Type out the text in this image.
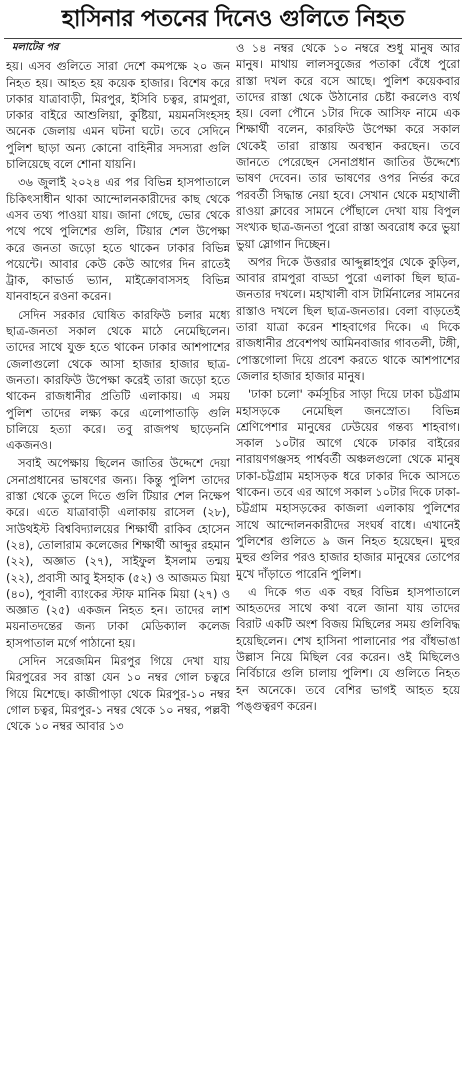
হাসিনার পতনের দিনেও গুলিতে নিহত
মলাটের পর

হয়। এসব গুলিতে সারা দেশে কমপক্ষে ২০ জন নিহত হয়। আহত হয় কয়েক হাজার। বিশেষ করে ঢাকার যাত্রাবাড়ী, মিরপুর, ইসিবি চত্বর, রামপুরা, ঢাকার বাইরে আশুলিয়া, কুষ্টিয়া, ময়মনসিংহসহ অনেক জেলায় এমন ঘটনা ঘটে। তবে সেদিনে পুলিশ ছাড়া অন্য কোনো বাহিনীর সদস্যরা গুলি চালিয়েছে বলে শোনা যায়নি।

৩৬ জুলাই ২০২৪ এর পর বিভিন্ন হাসপাতালে চিকিৎসাধীন থাকা আন্দোলনকারীদের কাছ থেকে এসব তথ্য পাওয়া যায়। জানা গেছে, ভোর থেকে পথে পথে পুলিশের গুলি, টিয়ার শেল উপেক্ষা করে জনতা জড়ো হতে থাকেন ঢাকার বিভিন্ন পয়েন্টে। আবার কেউ কেউ আগের দিন রাতেই ট্রাক, কাভার্ড ভ্যান, মাইক্রোবাসসহ বিভিন্ন যানবাহনে রওনা করেন।

সেদিন সরকার ঘোষিত কারফিউ চলার মধ্যে ছাত্র-জনতা সকাল থেকে মাঠে নেমেছিলেন। তাদের সাথে যুক্ত হতে থাকেন ঢাকার আশপাশের জেলাগুলো থেকে আসা হাজার হাজার ছাত্র-জনতা। কারফিউ উপেক্ষা করেই তারা জড়ো হতে থাকেন রাজধানীর প্রতিটি এলাকায়। এ সময় পুলিশ তাদের লক্ষ্য করে এলোপাতাড়ি গুলি চালিয়ে হত্যা করে। তবু রাজপথ ছাড়েননি একজনও।

সবাই অপেক্ষায় ছিলেন জাতির উদ্দেশে দেয়া সেনাপ্রধানের ভাষণের জন্য। কিন্তু পুলিশ তাদের রাস্তা থেকে তুলে দিতে গুলি টিয়ার শেল নিক্ষেপ করে। এতে যাত্রাবাড়ী এলাকায় রাসেল (২৮), সাউথইস্ট বিশ্ববিদ্যালয়ের শিক্ষার্থী রাকিব হোসেন (২৪), তোলারাম কলেজের শিক্ষার্থী আব্দুর রহমান (২২), অজ্ঞাত (২৭), সাইফুল ইসলাম তন্ময় (২২), প্রবাসী আবু ইসহাক (৫২) ও আজমত মিয়া (৪০), পূবালী ব্যাংকের স্টাফ মানিক মিয়া (২৭) ও অজ্ঞাত (২৫) একজন নিহত হন। তাদের লাশ ময়নাতদন্তের জন্য ঢাকা মেডিক্যাল কলেজ হাসপাতাল মর্গে পাঠানো হয়।

সেদিন সরেজমিন মিরপুর গিয়ে দেখা যায় মিরপুরের সব রাস্তা যেন ১০ নম্বর গোল চত্বরে গিয়ে মিশেছে। কাজীপাড়া থেকে মিরপুর-১০ নম্বর গোল চত্বর, মিরপুর-১ নম্বর থেকে ১০ নম্বর, পল্লবী থেকে ১০ নম্বর আবার ১৩

ও ১৪ নম্বর থেকে ১০ নম্বরে শুধু মানুষ আর মানুষ। মাথায় লালসবুজের পতাকা বেঁধে পুরো রাস্তা দখল করে বসে আছে। পুলিশ কয়েকবার তাদের রাস্তা থেকে উঠানোর চেষ্টা করলেও ব্যর্থ হয়। বেলা পৌনে ১টার দিকে আসিফ নামে এক শিক্ষার্থী বলেন, কারফিউ উপেক্ষা করে সকাল থেকেই তারা রাস্তায় অবস্থান করছেন। তবে জানতে পেরেছেন সেনাপ্রধান জাতির উদ্দেশ্যে ভাষণ দেবেন। তার ভাষণের ওপর নির্ভর করে পরবর্তী সিদ্ধান্ত নেয়া হবে। সেখান থেকে মহাখালী রাওয়া ক্লাবের সামনে পৌঁছালে দেখা যায় বিপুল সংখ্যক ছাত্র-জনতা পুরো রাস্তা অবরোধ করে ভুয়া ভুয়া স্লোগান দিচ্ছেন।

অপর দিকে উত্তরার আব্দুল্লাহপুর থেকে কুড়িল, আবার রামপুরা বাড্ডা পুরো এলাকা ছিল ছাত্র-জনতার দখলে। মহাখালী বাস টার্মিনালের সামনের রাস্তাও দখলে ছিল ছাত্র-জনতার। বেলা বাড়তেই তারা যাত্রা করেন শাহবাগের দিকে। এ দিকে রাজধানীর প্রবেশপথ আমিনবাজার গাবতলী, টঙ্গী, পোস্তগোলা দিয়ে প্রবেশ করতে থাকে আশপাশের জেলার হাজার হাজার মানুষ।

'ঢাকা চলো' কর্মসূচির সাড়া দিয়ে ঢাকা চট্টগ্রাম মহাসড়কে নেমেছিল জনস্রোত। বিভিন্ন শ্রেণিপেশার মানুষের ঢেউয়ের গন্তব্য শাহবাগ। সকাল ১০টার আগে থেকে ঢাকার বাইরের নারায়ণগঞ্জসহ পার্শ্ববর্তী অঞ্চলগুলো থেকে মানুষ ঢাকা-চট্টগ্রাম মহাসড়ক ধরে ঢাকার দিকে আসতে থাকেন। তবে এর আগে সকাল ১০টার দিকে ঢাকা-চট্টগ্রাম মহাসড়কের কাজলা এলাকায় পুলিশের সাথে আন্দোলনকারীদের সংঘর্ষ বাধে। এখানেই পুলিশের গুলিতে ৯ জন নিহত হয়েছেন। মুহুর মুহুর গুলির পরও হাজার হাজার মানুষের তোপের মুখে দাঁড়াতে পারেনি পুলিশ।

এ দিকে গত এক বছর বিভিন্ন হাসপাতালে আহতদের সাথে কথা বলে জানা যায় তাদের বিরাট একটি অংশ বিজয় মিছিলের সময় গুলিবিদ্ধ হয়েছিলেন। শেখ হাসিনা পালানোর পর বাঁধভাঙা উল্লাস নিয়ে মিছিল বের করেন। ওই মিছিলেও নির্বিচারে গুলি চালায় পুলিশ। যে গুলিতে নিহত হন অনেকে। তবে বেশির ভাগই আহত হয়ে পঙ্গুত্বরণ করেন।
